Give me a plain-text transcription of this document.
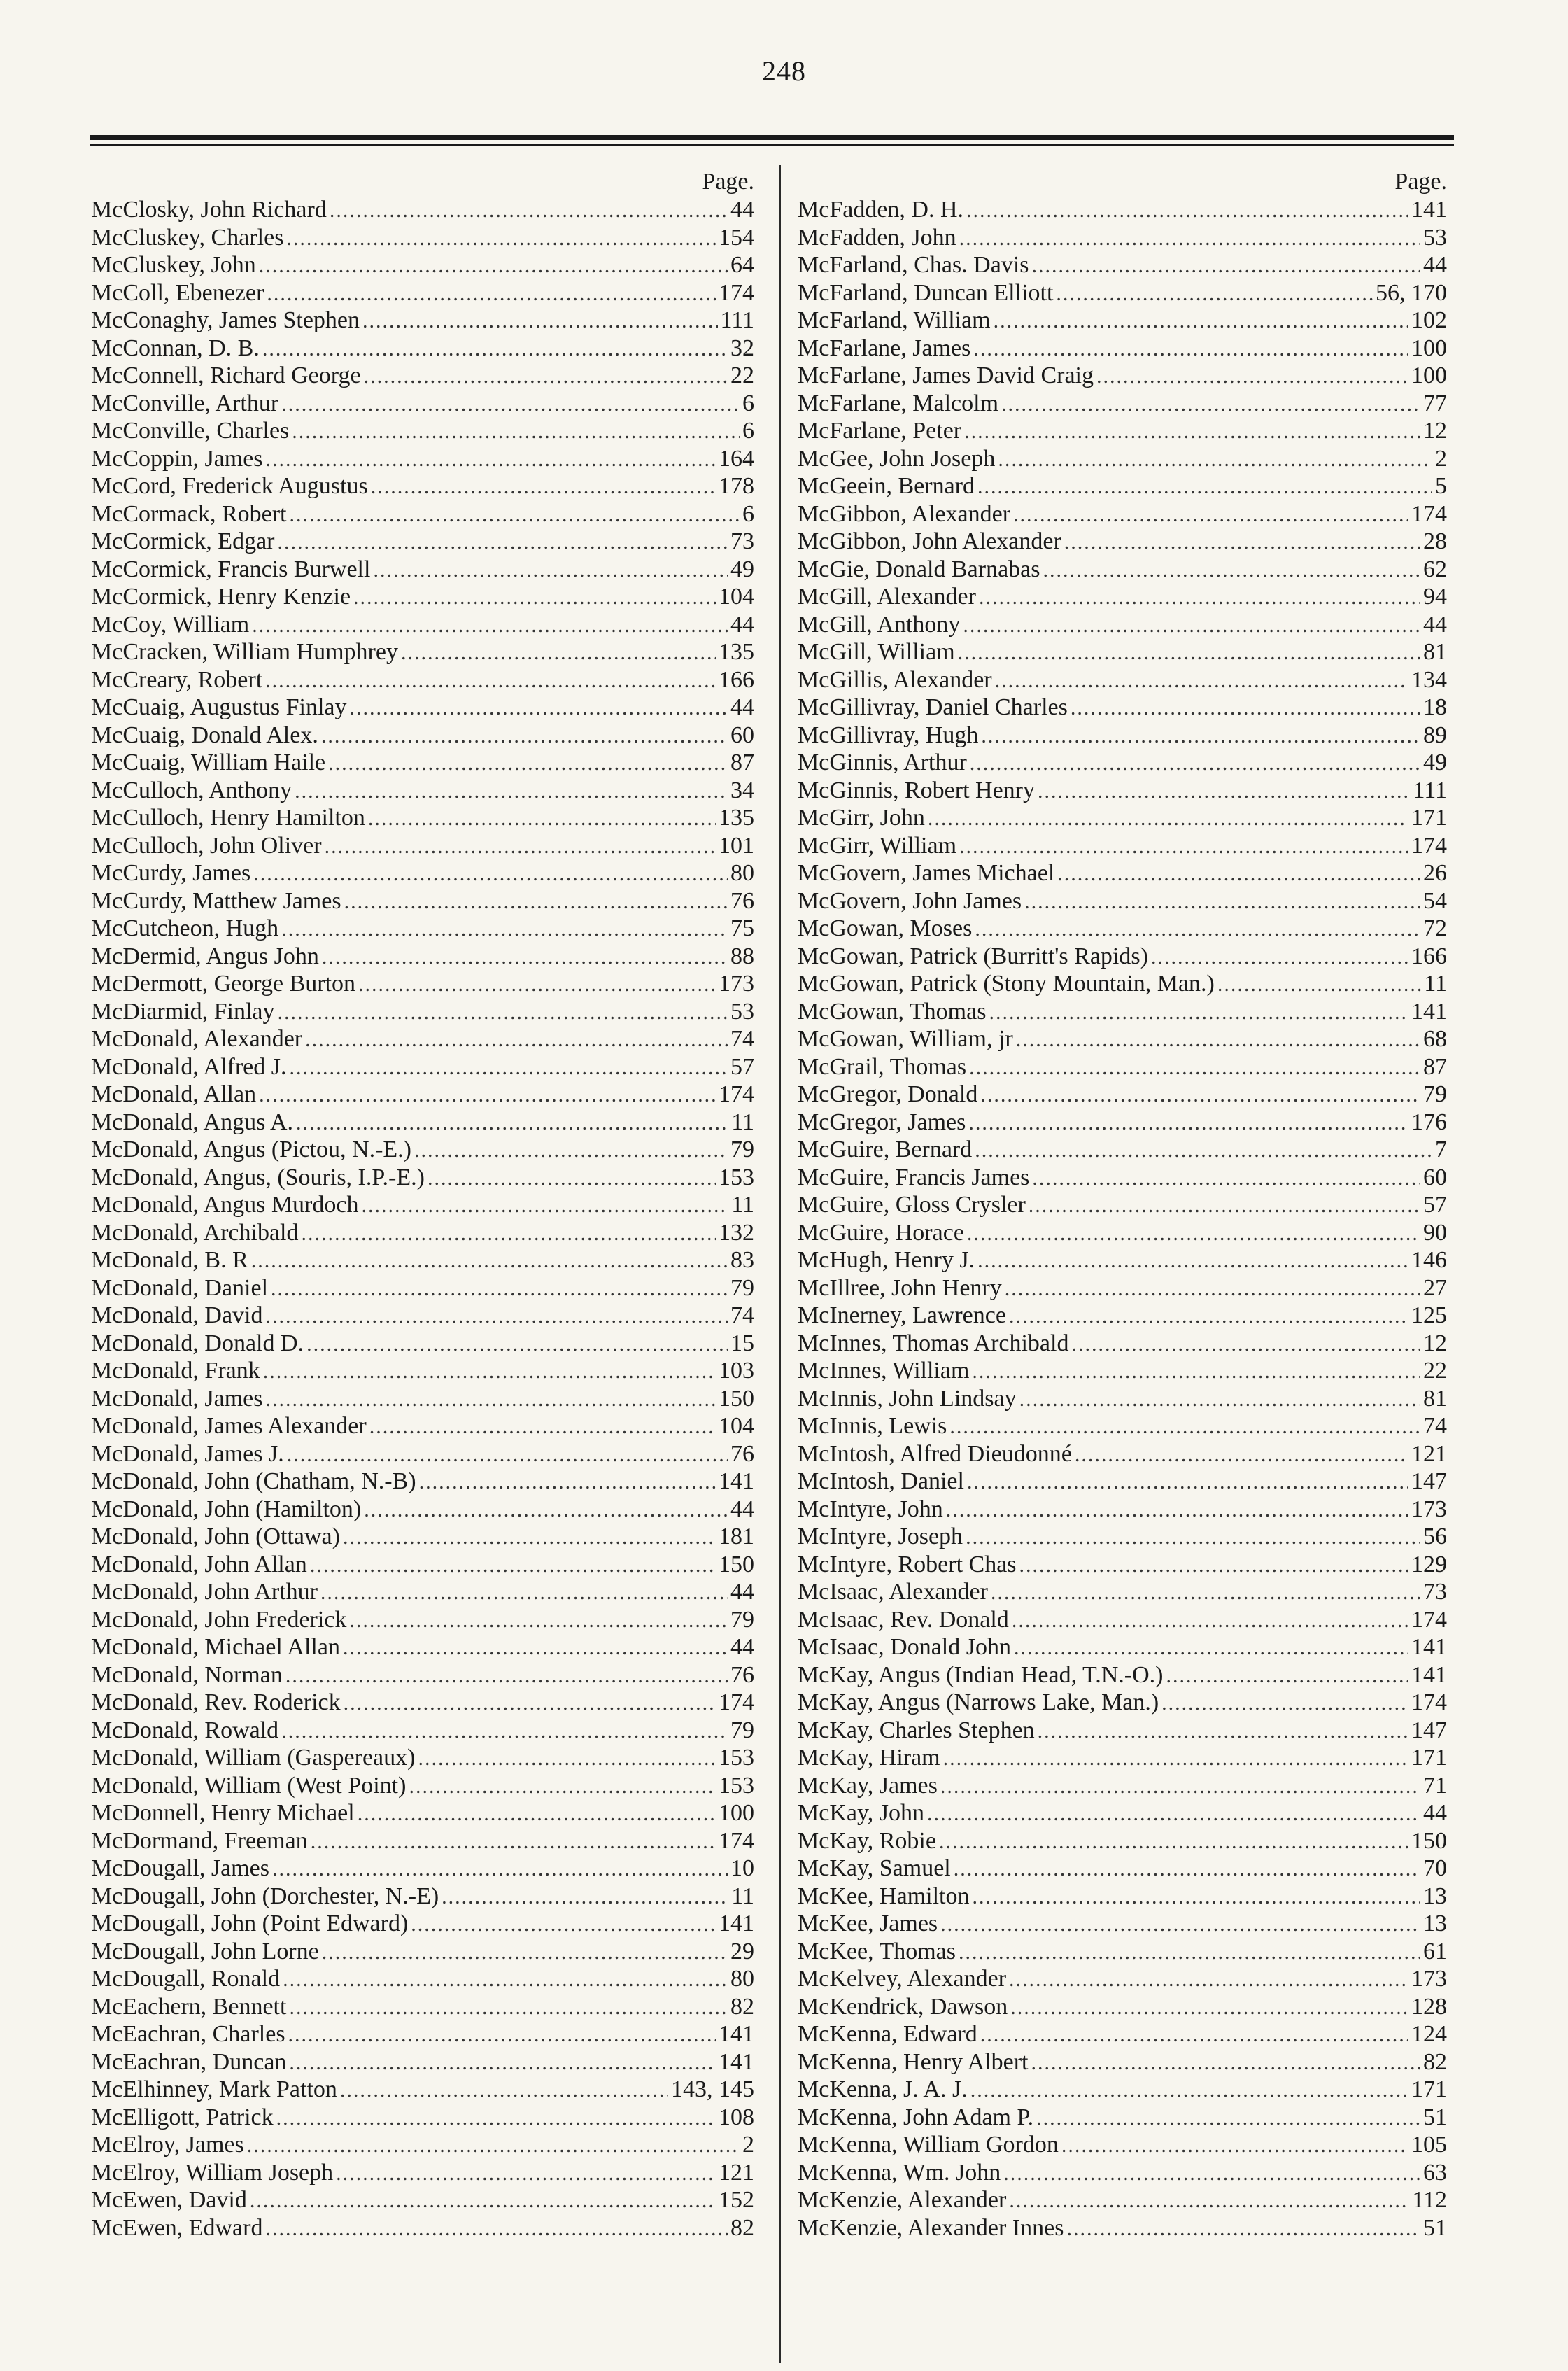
248
Page.
McClosky, John Richard .....	44
McCluskey, Charles .....	154
McCluskey, John .....	64
McColl, Ebenezer .....	174
McConaghy, James Stephen .....	111
McConnan, D. B. .....	32
McConnell, Richard George .....	22
McConville, Arthur .....	6
McConville, Charles .....	6
McCoppin, James .....	164
McCord, Frederick Augustus .....	178
McCormack, Robert .....	6
McCormick, Edgar .....	73
McCormick, Francis Burwell .....	49
McCormick, Henry Kenzie .....	104
McCoy, William .....	44
McCracken, William Humphrey .....	135
McCreary, Robert .....	166
McCuaig, Augustus Finlay .....	44
McCuaig, Donald Alex. .....	60
McCuaig, William Haile .....	87
McCulloch, Anthony .....	34
McCulloch, Henry Hamilton .....	135
McCulloch, John Oliver .....	101
McCurdy, James .....	80
McCurdy, Matthew James .....	76
McCutcheon, Hugh .....	75
McDermid, Angus John .....	88
McDermott, George Burton .....	173
McDiarmid, Finlay .....	53
McDonald, Alexander .....	74
McDonald, Alfred J. .....	57
McDonald, Allan .....	174
McDonald, Angus A. .....	11
McDonald, Angus (Pictou, N.-E.) .....	79
McDonald, Angus, (Souris, I.P.-E.) .....	153
McDonald, Angus Murdoch .....	11
McDonald, Archibald .....	132
McDonald, B. R .....	83
McDonald, Daniel .....	79
McDonald, David .....	74
McDonald, Donald D. .....	15
McDonald, Frank .....	103
McDonald, James .....	150
McDonald, James Alexander .....	104
McDonald, James J. .....	76
McDonald, John (Chatham, N.-B) .....	141
McDonald, John (Hamilton) .....	44
McDonald, John (Ottawa) .....	181
McDonald, John Allan .....	150
McDonald, John Arthur .....	44
McDonald, John Frederick .....	79
McDonald, Michael Allan .....	44
McDonald, Norman .....	76
McDonald, Rev. Roderick .....	174
McDonald, Rowald .....	79
McDonald, William (Gaspereaux) .....	153
McDonald, William (West Point) .....	153
McDonnell, Henry Michael .....	100
McDormand, Freeman .....	174
McDougall, James .....	10
McDougall, John (Dorchester, N.-E) .....	11
McDougall, John (Point Edward) .....	141
McDougall, John Lorne .....	29
McDougall, Ronald .....	80
McEachern, Bennett .....	82
McEachran, Charles .....	141
McEachran, Duncan .....	141
McElhinney, Mark Patton .....	143, 145
McElligott, Patrick .....	108
McElroy, James .....	2
McElroy, William Joseph .....	121
McEwen, David .....	152
McEwen, Edward .....	82
Page.
McFadden, D. H. .....	141
McFadden, John .....	53
McFarland, Chas. Davis .....	44
McFarland, Duncan Elliott .....	56, 170
McFarland, William .....	102
McFarlane, James .....	100
McFarlane, James David Craig .....	100
McFarlane, Malcolm .....	77
McFarlane, Peter .....	12
McGee, John Joseph .....	2
McGeein, Bernard .....	5
McGibbon, Alexander .....	174
McGibbon, John Alexander .....	28
McGie, Donald Barnabas .....	62
McGill, Alexander .....	94
McGill, Anthony .....	44
McGill, William .....	81
McGillis, Alexander .....	134
McGillivray, Daniel Charles .....	18
McGillivray, Hugh .....	89
McGinnis, Arthur .....	49
McGinnis, Robert Henry .....	111
McGirr, John .....	171
McGirr, William .....	174
McGovern, James Michael .....	26
McGovern, John James .....	54
McGowan, Moses .....	72
McGowan, Patrick (Burritt's Rapids) .....	166
McGowan, Patrick (Stony Mountain, Man.) .....	11
McGowan, Thomas .....	141
McGowan, William, jr .....	68
McGrail, Thomas .....	87
McGregor, Donald .....	79
McGregor, James .....	176
McGuire, Bernard .....	7
McGuire, Francis James .....	60
McGuire, Gloss Crysler .....	57
McGuire, Horace .....	90
McHugh, Henry J. .....	146
McIllree, John Henry .....	27
McInerney, Lawrence .....	125
McInnes, Thomas Archibald .....	12
McInnes, William .....	22
McInnis, John Lindsay .....	81
McInnis, Lewis .....	74
McIntosh, Alfred Dieudonné .....	121
McIntosh, Daniel .....	147
McIntyre, John .....	173
McIntyre, Joseph .....	56
McIntyre, Robert Chas .....	129
McIsaac, Alexander .....	73
McIsaac, Rev. Donald .....	174
McIsaac, Donald John .....	141
McKay, Angus (Indian Head, T.N.-O.) .....	141
McKay, Angus (Narrows Lake, Man.) .....	174
McKay, Charles Stephen .....	147
McKay, Hiram .....	171
McKay, James .....	71
McKay, John .....	44
McKay, Robie .....	150
McKay, Samuel .....	70
McKee, Hamilton .....	13
McKee, James .....	13
McKee, Thomas .....	61
McKelvey, Alexander .....	173
McKendrick, Dawson .....	128
McKenna, Edward .....	124
McKenna, Henry Albert .....	82
McKenna, J. A. J. .....	171
McKenna, John Adam P. .....	51
McKenna, William Gordon .....	105
McKenna, Wm. John .....	63
McKenzie, Alexander .....	112
McKenzie, Alexander Innes .....	51
